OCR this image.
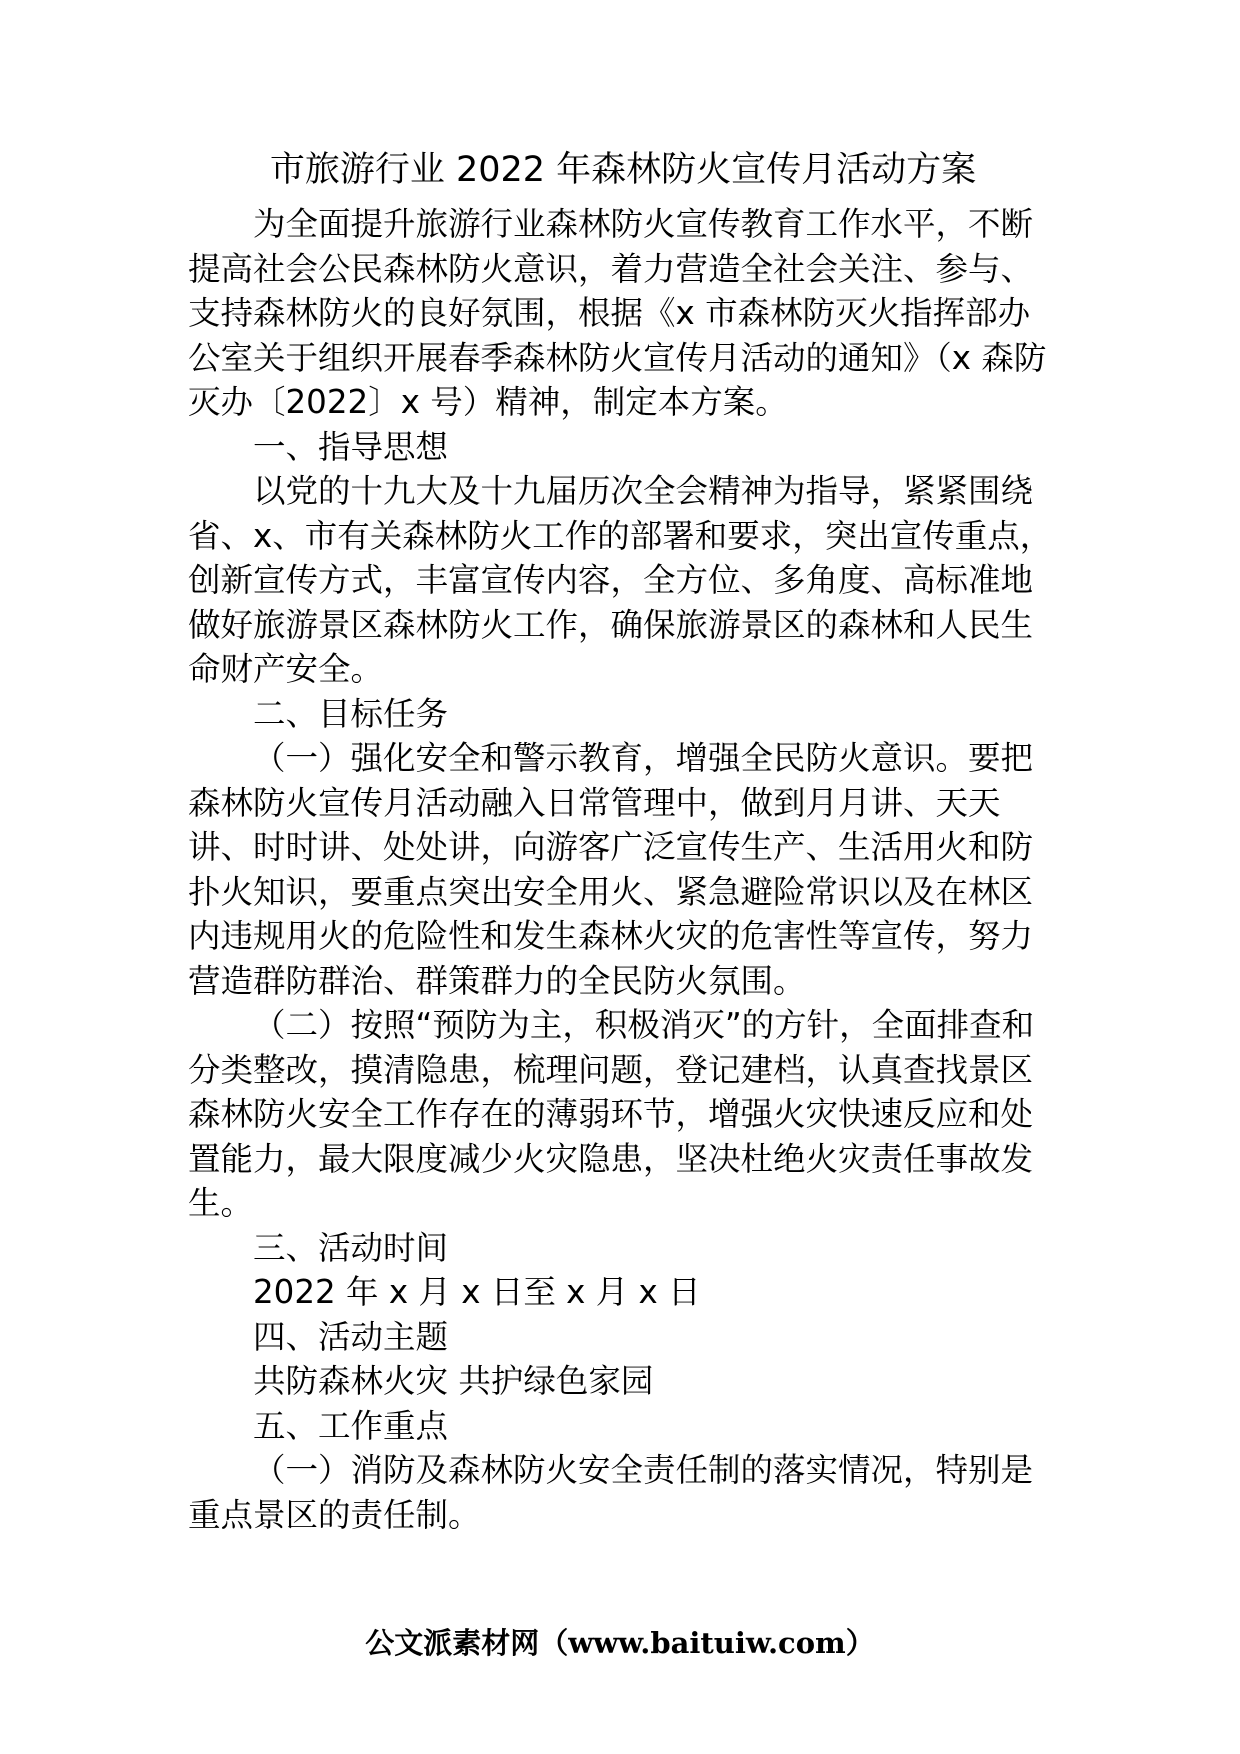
市旅游行业 2022 年森林防火宣传月活动方案

为全面提升旅游行业森林防火宣传教育工作水平，不断提高社会公民森林防火意识，着力营造全社会关注、参与、支持森林防火的良好氛围，根据《x 市森林防灭火指挥部办公室关于组织开展春季森林防火宣传月活动的通知》（x 森防灭办〔2022〕x 号）精神，制定本方案。

一、指导思想

以党的十九大及十九届历次全会精神为指导，紧紧围绕省、x、市有关森林防火工作的部署和要求，突出宣传重点，创新宣传方式，丰富宣传内容，全方位、多角度、高标准地做好旅游景区森林防火工作，确保旅游景区的森林和人民生命财产安全。

二、目标任务

（一）强化安全和警示教育，增强全民防火意识。要把森林防火宣传月活动融入日常管理中，做到月月讲、天天讲、时时讲、处处讲，向游客广泛宣传生产、生活用火和防扑火知识，要重点突出安全用火、紧急避险常识以及在林区内违规用火的危险性和发生森林火灾的危害性等宣传，努力营造群防群治、群策群力的全民防火氛围。

（二）按照“预防为主，积极消灭”的方针，全面排查和分类整改，摸清隐患，梳理问题，登记建档，认真查找景区森林防火安全工作存在的薄弱环节，增强火灾快速反应和处置能力，最大限度减少火灾隐患，坚决杜绝火灾责任事故发生。

三、活动时间

2022 年 x 月 x 日至 x 月 x 日

四、活动主题

共防森林火灾 共护绿色家园

五、工作重点

（一）消防及森林防火安全责任制的落实情况，特别是重点景区的责任制。

公文派素材网（www.baituiw.com）
